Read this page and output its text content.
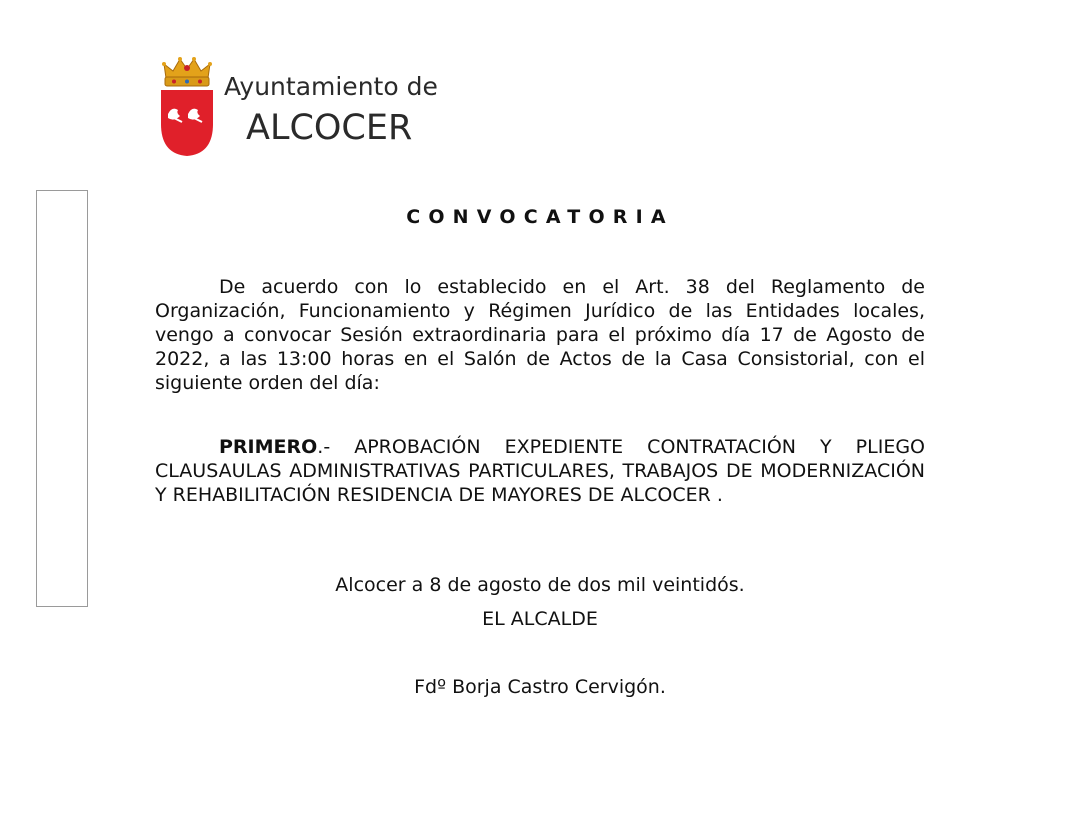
Ayuntamiento de
ALCOCER
CONVOCATORIA
De acuerdo con lo establecido en el Art. 38 del Reglamento de Organización, Funcionamiento y Régimen Jurídico de las Entidades locales, vengo a convocar Sesión extraordinaria para el próximo día 17 de Agosto de 2022, a las 13:00 horas en el Salón de Actos de la Casa Consistorial, con el siguiente orden del día:
PRIMERO.- APROBACIÓN EXPEDIENTE CONTRATACIÓN Y PLIEGO CLAUSAULAS ADMINISTRATIVAS PARTICULARES, TRABAJOS DE MODERNIZACIÓN Y REHABILITACIÓN RESIDENCIA DE MAYORES DE ALCOCER .
Alcocer a 8 de agosto de dos mil veintidós.
EL ALCALDE
Fdº Borja Castro Cervigón.
